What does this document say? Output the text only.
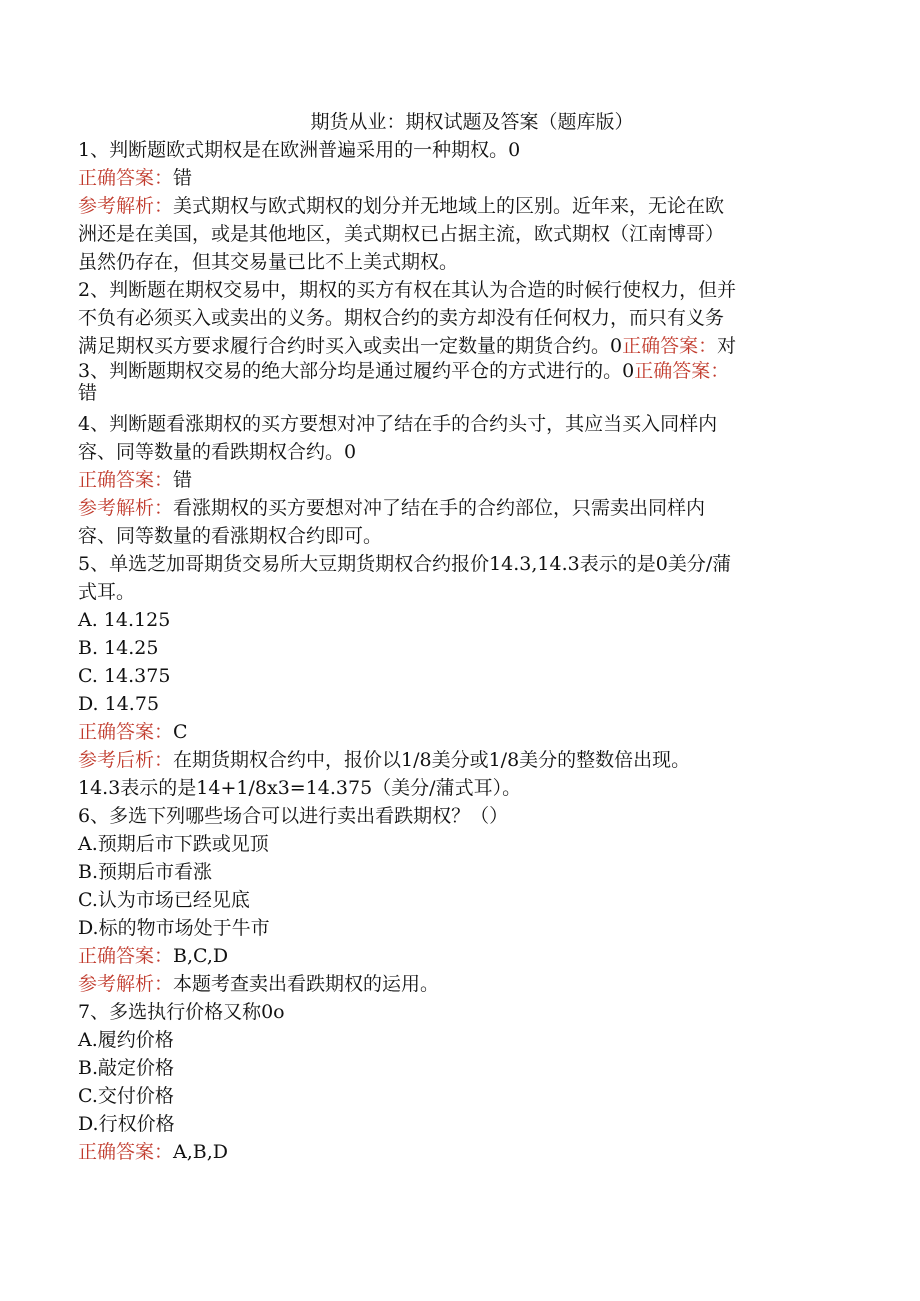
期货从业：期权试题及答案（题库版）

1、判断题欧式期权是在欧洲普遍采用的一种期权。0

正确答案：错

参考解析：美式期权与欧式期权的划分并无地域上的区别。近年来，无论在欧

洲还是在美国，或是其他地区，美式期权已占据主流，欧式期权（江南博哥）

虽然仍存在，但其交易量已比不上美式期权。

2、判断题在期权交易中，期权的买方有权在其认为合造的时候行使权力，但并

不负有必须买入或卖出的义务。期权合约的卖方却没有任何权力，而只有义务

满足期权买方要求履行合约时买入或卖出一定数量的期货合约。0正确答案：对

3、判断题期权交易的绝大部分均是通过履约平仓的方式进行的。0正确答案：

错

4、判断题看涨期权的买方要想对冲了结在手的合约头寸，其应当买入同样内

容、同等数量的看跌期权合约。0

正确答案：错

参考解析：看涨期权的买方要想对冲了结在手的合约部位，只需卖出同样内

容、同等数量的看涨期权合约即可。

5、单选芝加哥期货交易所大豆期货期权合约报价14.3,14.3表示的是0美分/蒲

式耳。

A. 14.125

B. 14.25

C. 14.375

D. 14.75

正确答案：C

参考后析：在期货期权合约中，报价以1/8美分或1/8美分的整数倍出现。

14.3表示的是14+1/8x3=14.375（美分/蒲式耳）。

6、多选下列哪些场合可以进行卖出看跌期权？（）

A.预期后市下跌或见顶

B.预期后市看涨

C.认为市场已经见底

D.标的物市场处于牛市

正确答案：B,C,D

参考解析：本题考查卖出看跌期权的运用。

7、多选执行价格又称0o

A.履约价格

B.敲定价格

C.交付价格

D.行权价格

正确答案：A,B,D
